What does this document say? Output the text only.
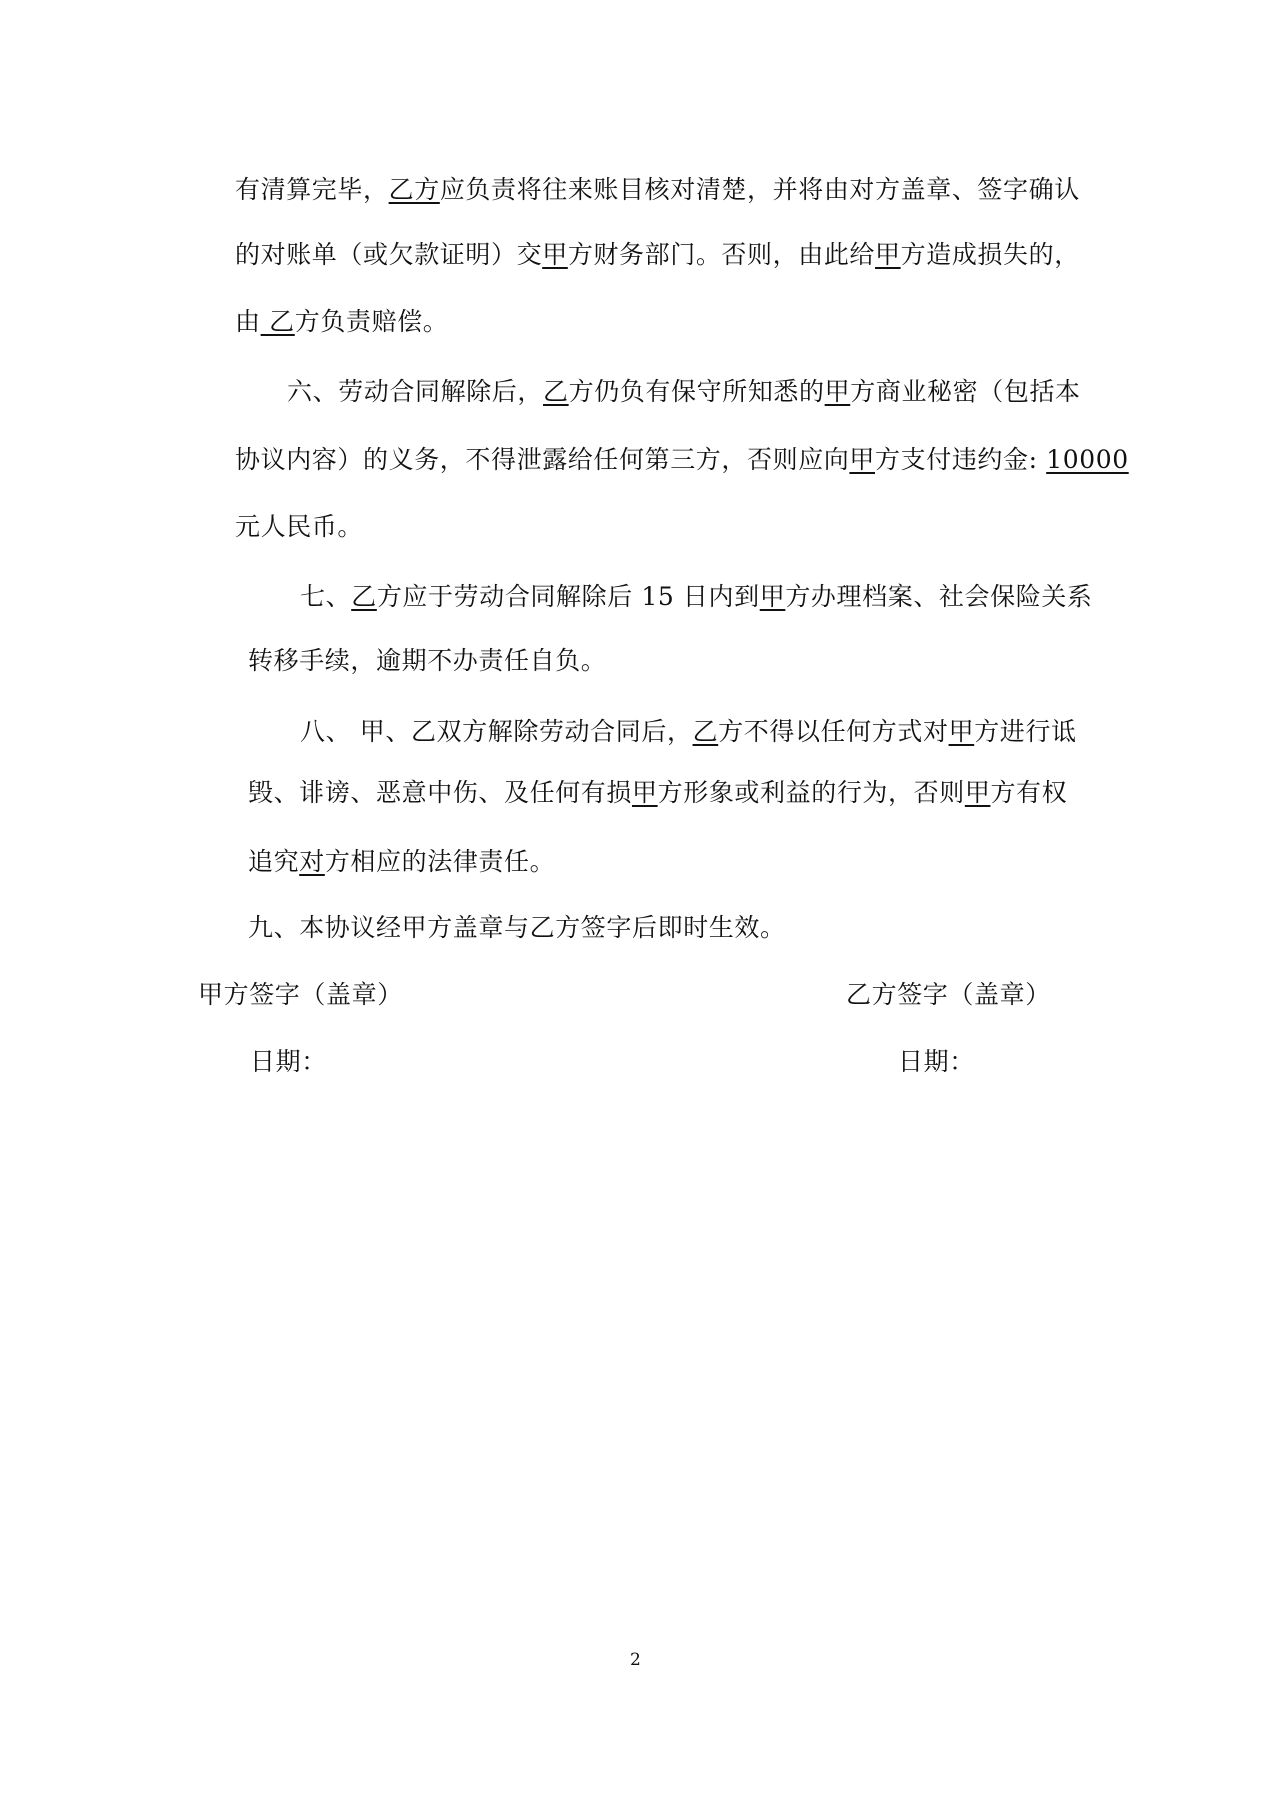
有清算完毕，乙方应负责将往来账目核对清楚，并将由对方盖章、签字确认
的对账单（或欠款证明）交甲方财务部门。否则，由此给甲方造成损失的，
由 乙方负责赔偿。
六、劳动合同解除后，乙方仍负有保守所知悉的甲方商业秘密（包括本
协议内容）的义务，不得泄露给任何第三方，否则应向甲方支付违约金: 10000
元人民币。
七、乙方应于劳动合同解除后 15 日内到甲方办理档案、社会保险关系
转移手续，逾期不办责任自负。
八、 甲、乙双方解除劳动合同后，乙方不得以任何方式对甲方进行诋
毁、诽谤、恶意中伤、及任何有损甲方形象或利益的行为，否则甲方有权
追究对方相应的法律责任。
九、本协议经甲方盖章与乙方签字后即时生效。
甲方签字（盖章）
日期：
乙方签字（盖章）
日期：
2
